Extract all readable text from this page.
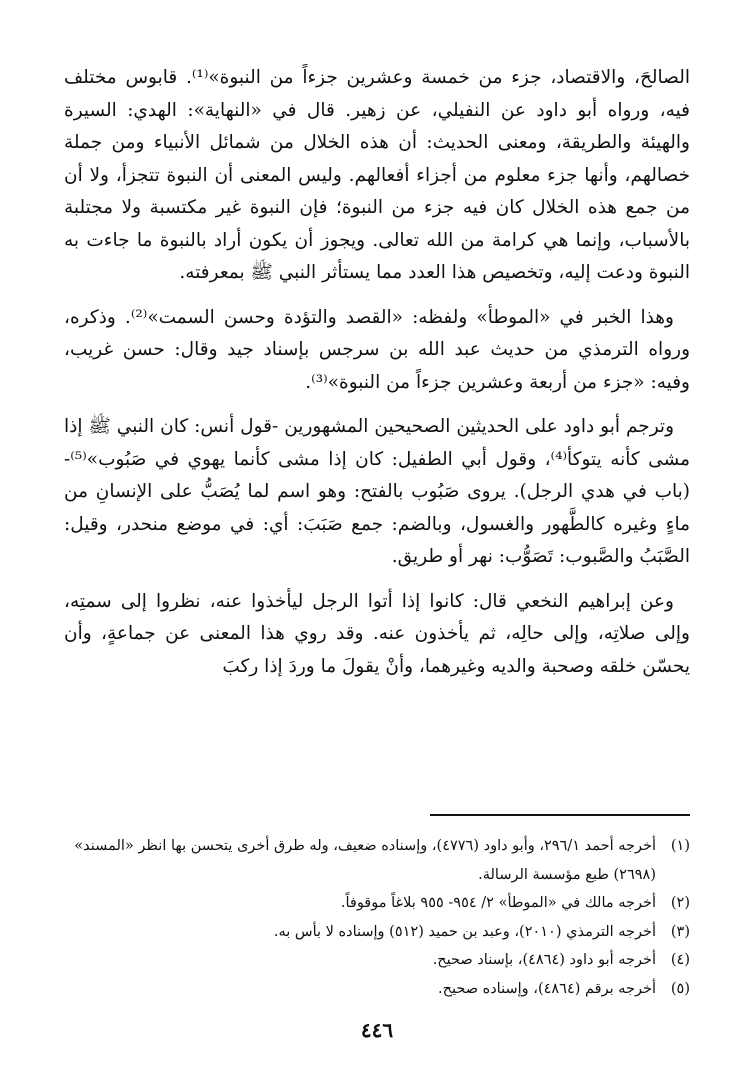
الصالحَ، والاقتصاد، جزء من خمسة وعشرين جزءاً من النبوة»⁽¹⁾. قابوس مختلف فيه، ورواه أبو داود عن النفيلي، عن زهير. قال في «النهاية»: الهدي: السيرة والهيئة والطريقة، ومعنى الحديث: أن هذه الخلال من شمائل الأنبياء ومن جملة خصالهم، وأنها جزء معلوم من أجزاء أفعالهم. وليس المعنى أن النبوة تتجزأ، ولا أن من جمع هذه الخلال كان فيه جزء من النبوة؛ فإن النبوة غير مكتسبة ولا مجتلبة بالأسباب، وإنما هي كرامة من الله تعالى. ويجوز أن يكون أراد بالنبوة ما جاءت به النبوة ودعت إليه، وتخصيص هذا العدد مما يستأثر النبي ﷺ بمعرفته.

وهذا الخبر في «الموطأ» ولفظه: «القصد والتؤدة وحسن السمت»⁽²⁾. وذكره، ورواه الترمذي من حديث عبد الله بن سرجس بإسناد جيد وقال: حسن غريب، وفيه: «جزء من أربعة وعشرين جزءاً من النبوة»⁽³⁾.

وترجم أبو داود على الحديثين الصحيحين المشهورين -قول أنس: كان النبي ﷺ إذا مشى كأنه يتوكأ⁽⁴⁾، وقول أبي الطفيل: كان إذا مشى كأنما يهوي في صَبُوب»⁽⁵⁾- (باب في هدي الرجل). يروى صَبُوب بالفتح: وهو اسم لما يُصَبُّ على الإنسانِ من ماءٍ وغيره كالطَّهور والغسول، وبالضم: جمع صَبَبَ: أي: في موضع منحدر، وقيل: الصَّبَبُ والصَّبوب: تَصَوُّب: نهر أو طريق.

وعن إبراهيم النخعي قال: كانوا إذا أتوا الرجل ليأخذوا عنه، نظروا إلى سمتِه، وإلى صلاتِه، وإلى حالِه، ثم يأخذون عنه. وقد روي هذا المعنى عن جماعةٍ، وأن يحسّن خلقه وصحبة والديه وغيرهما، وأنْ يقولَ ما وردَ إذا ركبَ

(١)
أخرجه أحمد ٢٩٦/١، وأبو داود (٤٧٧٦)، وإسناده ضعيف، وله طرق أخرى يتحسن بها انظر «المسند» (٢٦٩٨) طبع مؤسسة الرسالة.
(٢)
أخرجه مالك في «الموطأ» ٢/ ٩٥٤- ٩٥٥ بلاغاً موقوفاً.
(٣)
أخرجه الترمذي (٢٠١٠)، وعبد بن حميد (٥١٢) وإسناده لا بأس به.
(٤)
أخرجه أبو داود (٤٨٦٤)، بإسناد صحيح.
(٥)
أخرجه برقم (٤٨٦٤)، وإسناده صحيح.
٤٤٦
